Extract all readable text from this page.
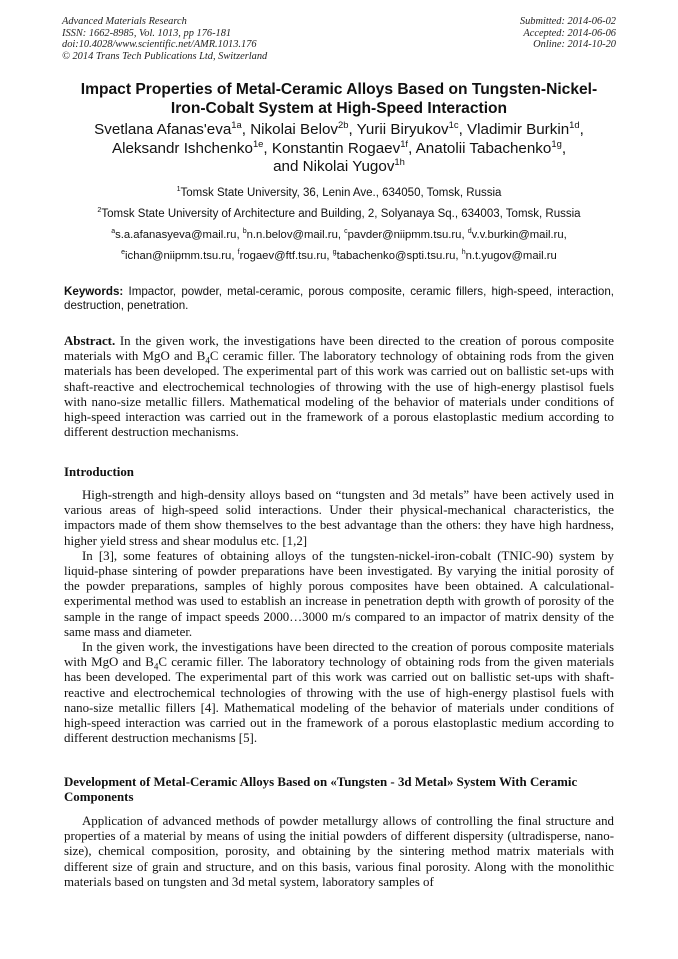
Advanced Materials Research
ISSN: 1662-8985, Vol. 1013, pp 176-181
doi:10.4028/www.scientific.net/AMR.1013.176
© 2014 Trans Tech Publications Ltd, Switzerland
Submitted: 2014-06-02
Accepted: 2014-06-06
Online: 2014-10-20
Impact Properties of Metal-Ceramic Alloys Based on Tungsten-Nickel-
Iron-Cobalt System at High-Speed Interaction
Svetlana Afanas'eva$^{1a}$, Nikolai Belov$^{2b}$, Yurii Biryukov$^{1c}$, Vladimir Burkin$^{1d}$,
Aleksandr Ishchenko$^{1e}$, Konstantin Rogaev$^{1f}$, Anatolii Tabachenko$^{1g}$,
and Nikolai Yugov$^{1h}$
$^1$Tomsk State University, 36, Lenin Ave., 634050, Tomsk, Russia
$^2$Tomsk State University of Architecture and Building, 2, Solyanaya Sq., 634003, Tomsk, Russia
$^a$s.a.afanasyeva@mail.ru, $^b$n.n.belov@mail.ru, $^c$pavder@niipmm.tsu.ru, $^d$v.v.burkin@mail.ru,
$^e$ichan@niipmm.tsu.ru, $^f$rogaev@ftf.tsu.ru, $^g$tabachenko@spti.tsu.ru, $^h$n.t.yugov@mail.ru
Keywords: Impactor, powder, metal-ceramic, porous composite, ceramic fillers, high-speed, interaction, destruction, penetration.
Abstract. In the given work, the investigations have been directed to the creation of porous composite materials with MgO and $B_4C$ ceramic filler. The laboratory technology of obtaining rods from the given materials has been developed. The experimental part of this work was carried out on ballistic set-ups with shaft-reactive and electrochemical technologies of throwing with the use of high-energy plastisol fuels with nano-size metallic fillers. Mathematical modeling of the behavior of materials under conditions of high-speed interaction was carried out in the framework of a porous elastoplastic medium according to different destruction mechanisms.
Introduction

High-strength and high-density alloys based on “tungsten and 3d metals” have been actively used in various areas of high-speed solid interactions. Under their physical-mechanical characteristics, the impactors made of them show themselves to the best advantage than the others: they have high hardness, higher yield stress and shear modulus etc. [1,2]

In [3], some features of obtaining alloys of the tungsten-nickel-iron-cobalt (TNIC-90) system by liquid-phase sintering of powder preparations have been investigated. By varying the initial porosity of the powder preparations, samples of highly porous composites have been obtained. A calculational-experimental method was used to establish an increase in penetration depth with growth of porosity of the sample in the range of impact speeds 2000…3000 m/s compared to an impactor of matrix density of the same mass and diameter.

In the given work, the investigations have been directed to the creation of porous composite materials with MgO and $B_4C$ ceramic filler. The laboratory technology of obtaining rods from the given materials has been developed. The experimental part of this work was carried out on ballistic set-ups with shaft-reactive and electrochemical technologies of throwing with the use of high-energy plastisol fuels with nano-size metallic fillers [4]. Mathematical modeling of the behavior of materials under conditions of high-speed interaction was carried out in the framework of a porous elastoplastic medium according to different destruction mechanisms [5].

Development of Metal-Ceramic Alloys Based on «Tungsten - 3d Metal» System With Ceramic Components

Application of advanced methods of powder metallurgy allows of controlling the final structure and properties of a material by means of using the initial powders of different dispersity (ultradisperse, nano-size), chemical composition, porosity, and obtaining by the sintering method matrix materials with different size of grain and structure, and on this basis, various final porosity. Along with the monolithic materials based on tungsten and 3d metal system, laboratory samples of
